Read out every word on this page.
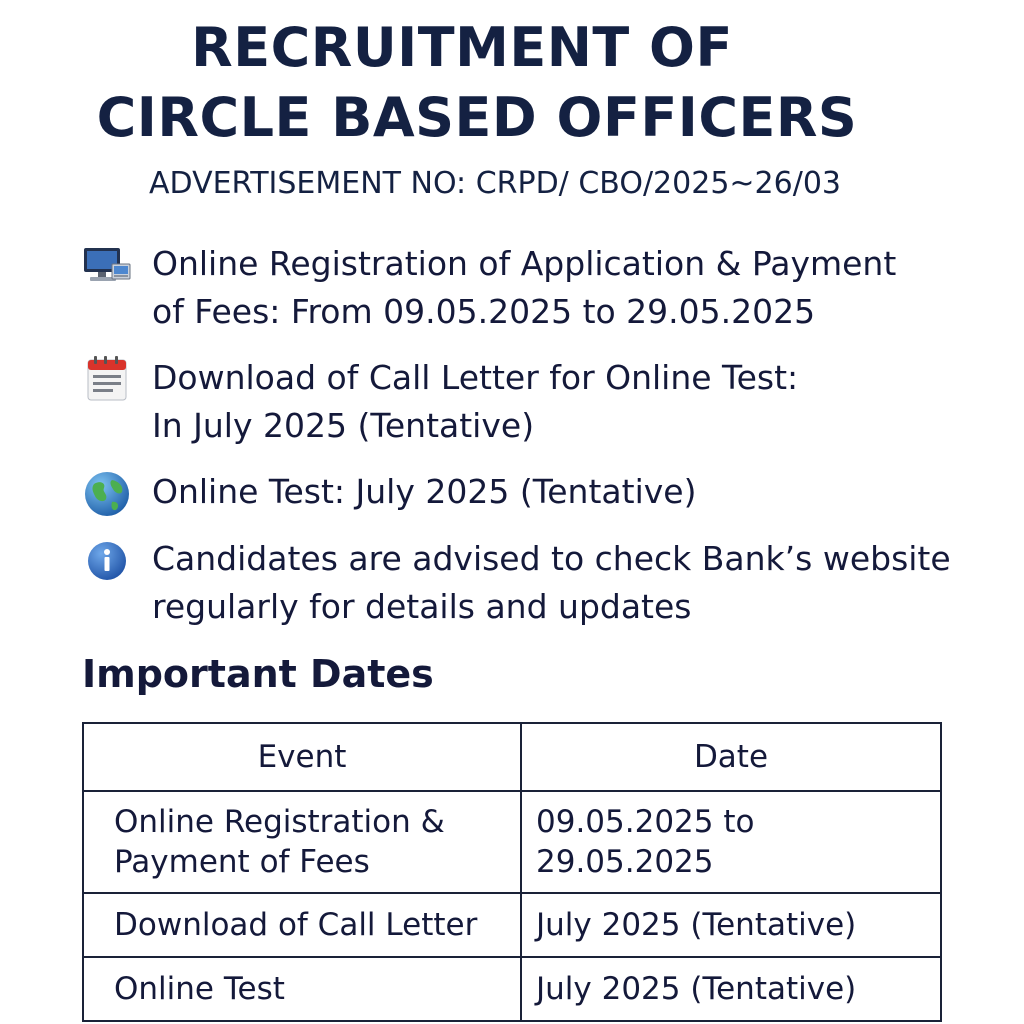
RECRUITMENT OF
CIRCLE BASED OFFICERS
ADVERTISEMENT NO: CRPD/ CBO/2025~26/03
Online Registration of Application & Payment
of Fees: From 09.05.2025 to 29.05.2025
Download of Call Letter for Online Test:
In July 2025 (Tentative)
Online Test: July 2025 (Tentative)
Candidates are advised to check Bank’s website
regularly for details and updates
Important Dates
Event	Date

Online Registration &
Payment of Fees	09.05.2025 to 29.05.2025

Download of Call Letter	July 2025 (Tentative)

Online Test	July 2025 (Tentative)
